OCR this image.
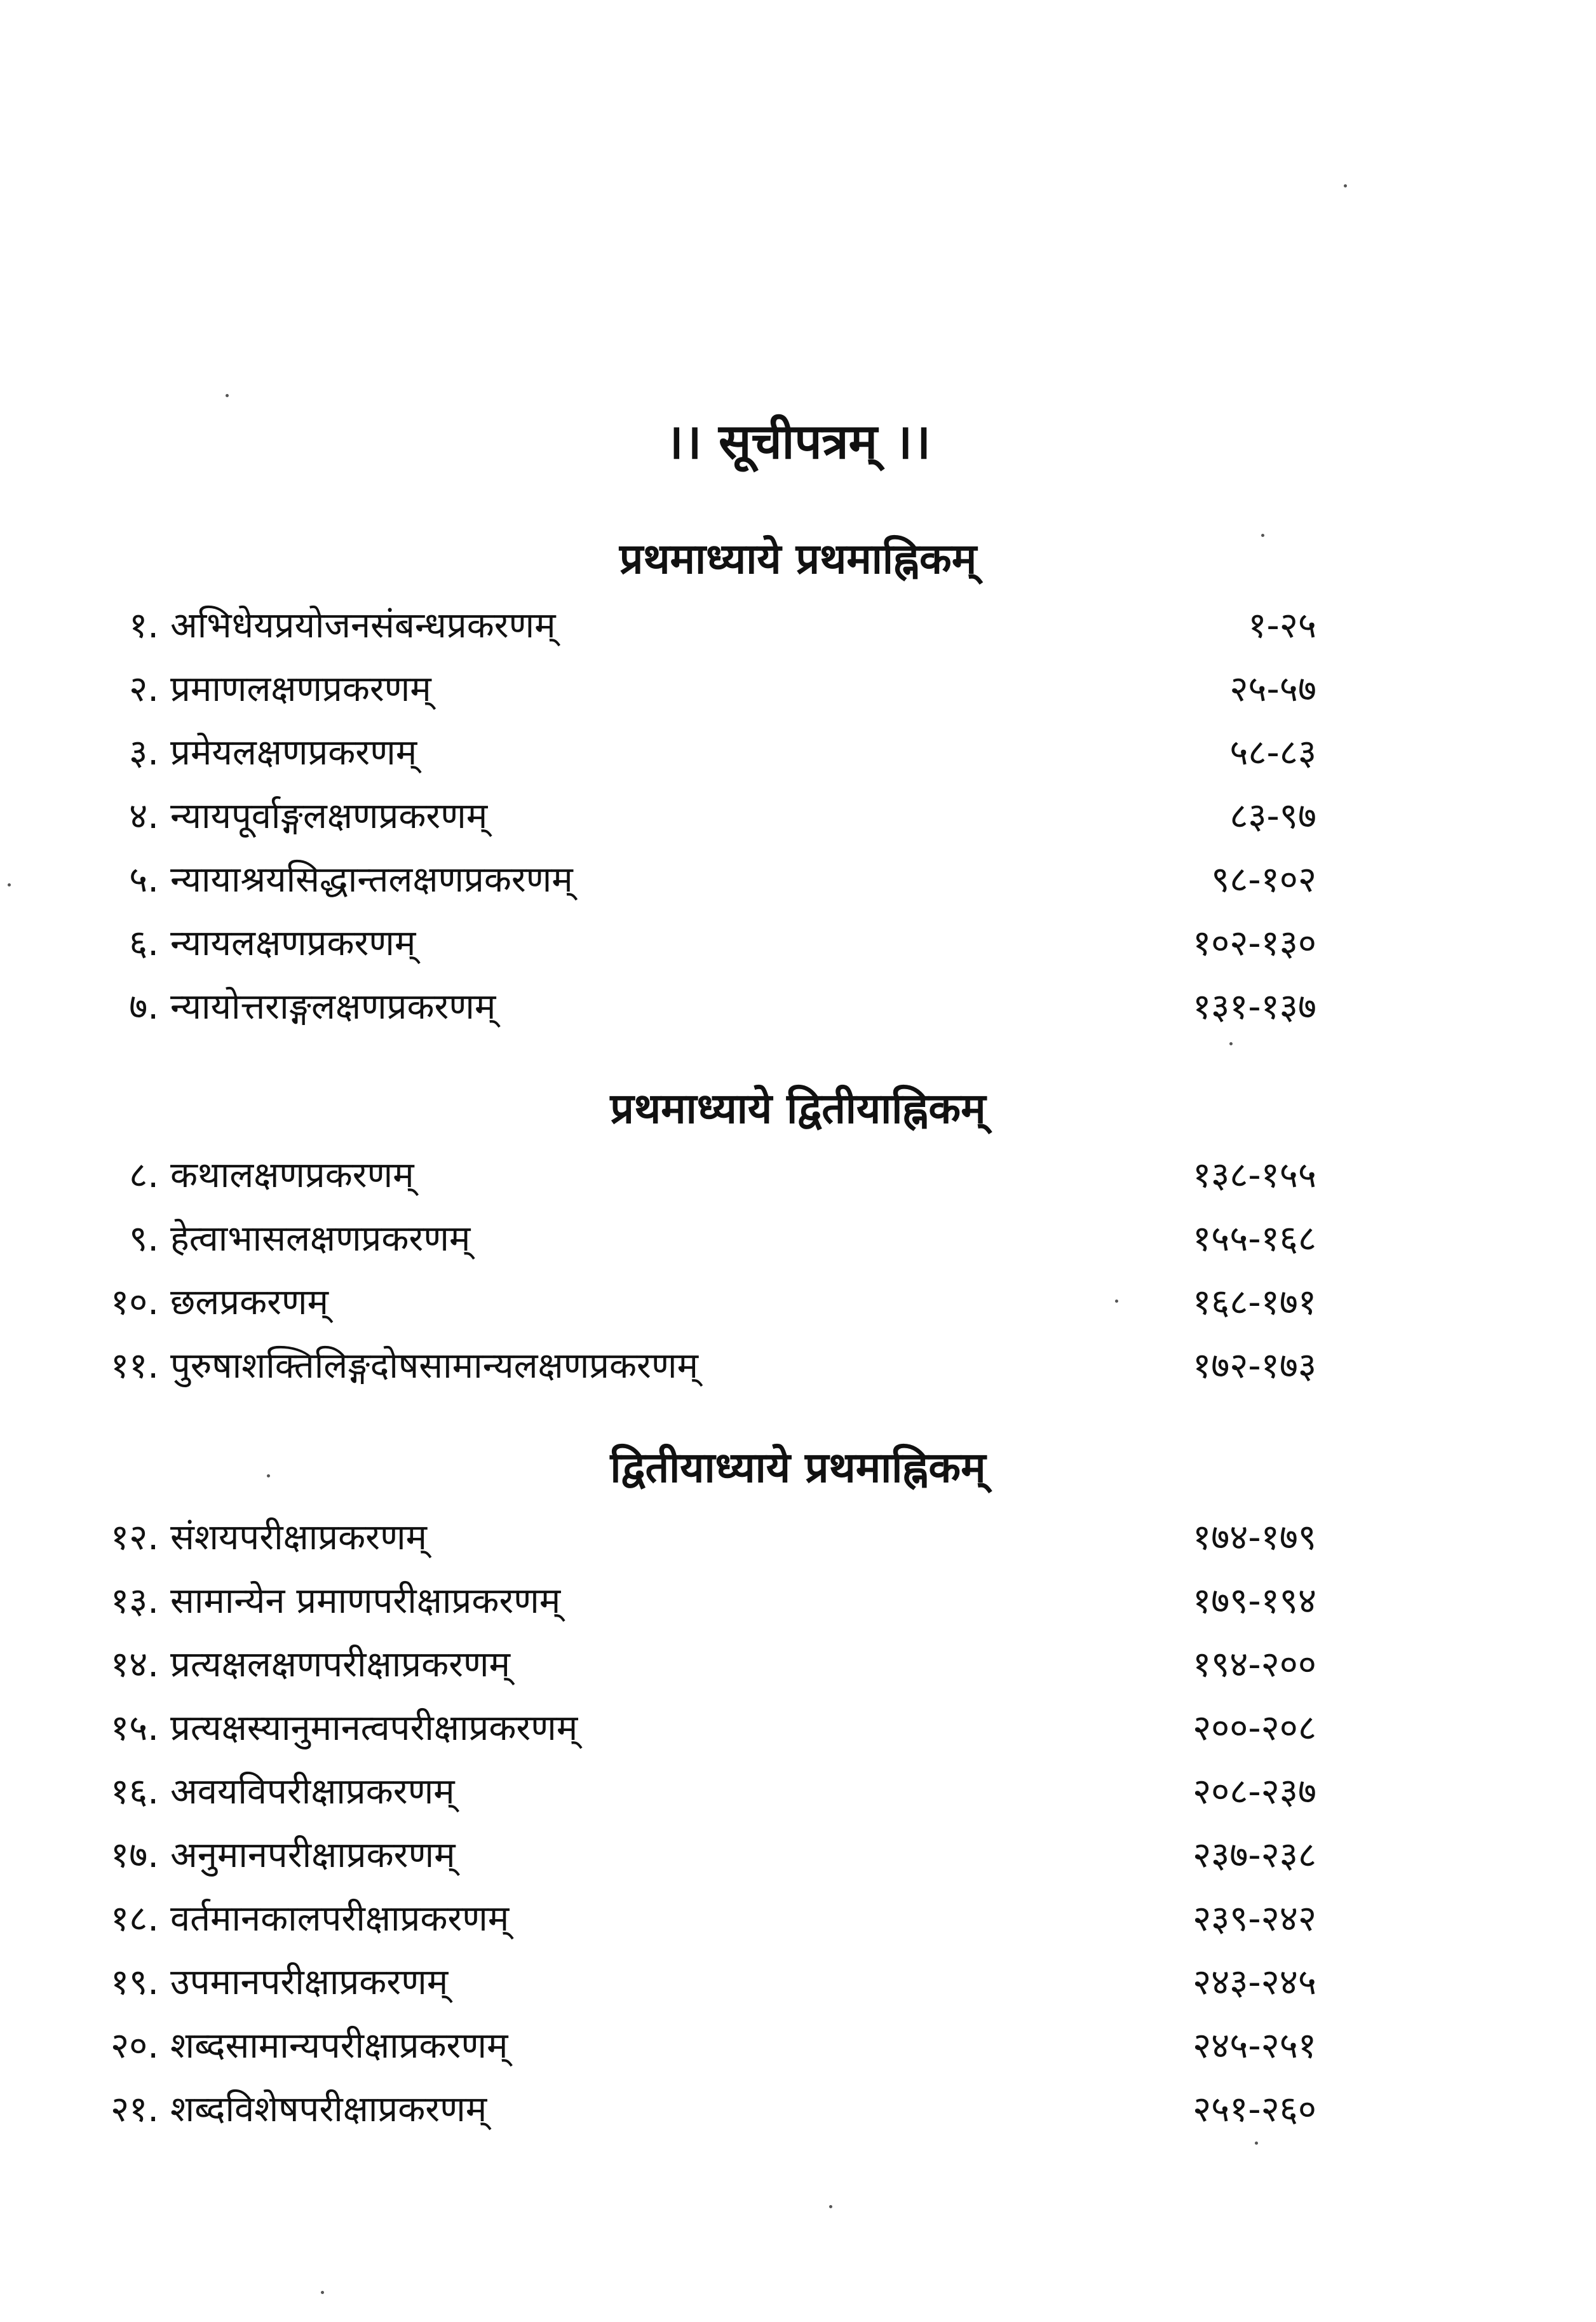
।। सूचीपत्रम् ।।
प्रथमाध्याये प्रथमाह्निकम्
१. अभिधेयप्रयोजनसंबन्धप्रकरणम्	१-२५
२. प्रमाणलक्षणप्रकरणम्	२५-५७
३. प्रमेयलक्षणप्रकरणम्	५८-८३
४. न्यायपूर्वाङ्गलक्षणप्रकरणम्	८३-९७
५. न्यायाश्रयसिद्धान्तलक्षणप्रकरणम्	९८-१०२
६. न्यायलक्षणप्रकरणम्	१०२-१३०
७. न्यायोत्तराङ्गलक्षणप्रकरणम्	१३१-१३७
प्रथमाध्याये द्वितीयाह्निकम्
८. कथालक्षणप्रकरणम्	१३८-१५५
९. हेत्वाभासलक्षणप्रकरणम्	१५५-१६८
१०. छलप्रकरणम्	१६८-१७१
११. पुरुषाशक्तिलिङ्गदोषसामान्यलक्षणप्रकरणम्	१७२-१७३
द्वितीयाध्याये प्रथमाह्निकम्
१२. संशयपरीक्षाप्रकरणम्	१७४-१७९
१३. सामान्येन प्रमाणपरीक्षाप्रकरणम्	१७९-१९४
१४. प्रत्यक्षलक्षणपरीक्षाप्रकरणम्	१९४-२००
१५. प्रत्यक्षस्यानुमानत्वपरीक्षाप्रकरणम्	२००-२०८
१६. अवयविपरीक्षाप्रकरणम्	२०८-२३७
१७. अनुमानपरीक्षाप्रकरणम्	२३७-२३८
१८. वर्तमानकालपरीक्षाप्रकरणम्	२३९-२४२
१९. उपमानपरीक्षाप्रकरणम्	२४३-२४५
२०. शब्दसामान्यपरीक्षाप्रकरणम्	२४५-२५१
२१. शब्दविशेषपरीक्षाप्रकरणम्	२५१-२६०
